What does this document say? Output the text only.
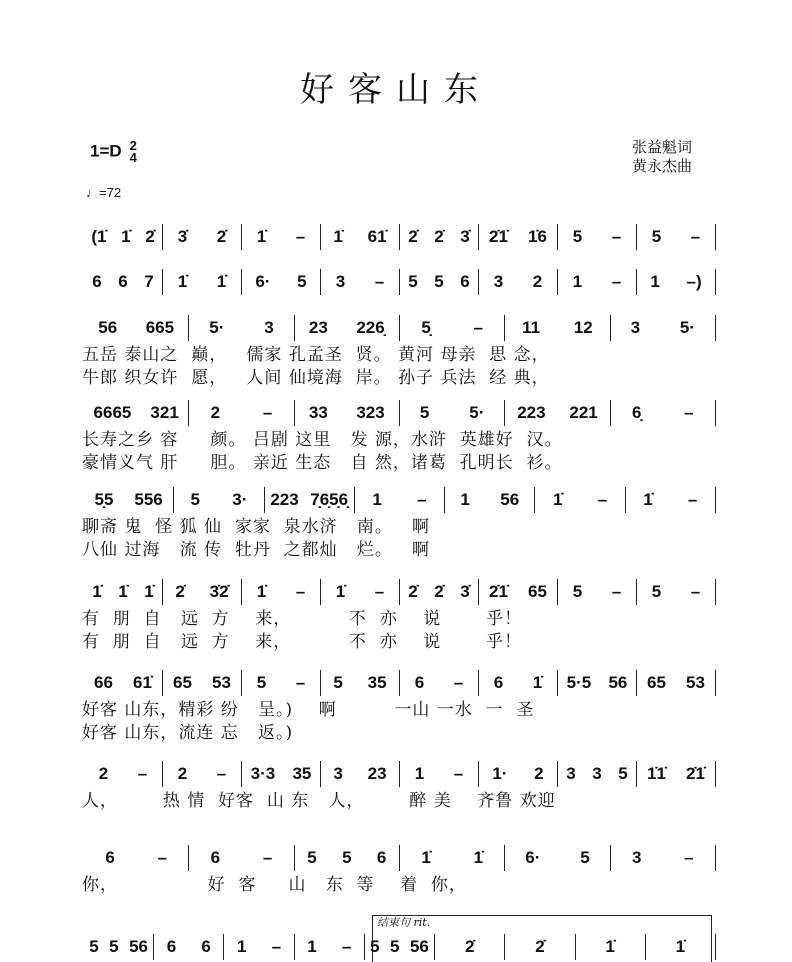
好客山东
1=D 2
4
张益魁词
黄永杰曲
♩=72
结束句 rit.
(1̇ 1̇ 2̇ 3̇ 2̇ 1̇ – 1̇ 61̇ 2̇ 2̇ 3̇ 2̇1̇ 1̇6 5 – 5 –
6 6 7 1̇ 1̇ 6· 5 3 – 5 5 6 3 2 1 – 1 –)
56 665 5· 3 23 226̣ 5̣	– 11 12 3 5·
五岳 泰山之  巅，   儒家 孔孟圣  贤。 黄河 母亲  思 念，
牛郎 织女许  愿，   人间 仙境海  岸。 孙子 兵法  经 典，
6665 321 2	– 33 323 5 5· 223 221 6̣	–
长寿之乡 容     颜。 吕剧 这里   发 源，水浒  英雄好  汉。
豪情义气 肝     胆。 亲近 生态   自 然，诸葛  孔明长  衫。
5̣5 556 5 3· 223 7̣6̣5̣6̣ 1 – 1 56 1̇ – 1̇ –
聊斋 鬼  怪 狐 仙  家家  泉水济   南。   啊
八仙 过海   流 传  牡丹  之都灿   烂。   啊
1̇ 1̇ 1̇ 2̇ 3̇2̇ 1̇ – 1̇ – 2̇ 2̇ 3̇ 2̇1̇ 65 5 – 5 –
有  朋  自   远  方    来，         不  亦    说       乎！
有  朋  自   远  方    来，         不  亦    说       乎！
66 61̇ 65 53 5 – 5 35 6 – 6 1̇ 5·5 56 65 53
好客 山东，精彩 纷   呈。)    啊         一山 一水  一  圣
好客 山东，流连 忘   返。)
2 – 2 – 3·3 35 3 23 1 – 1· 2 3 3 5 1̇1̇ 2̇1̇
人，       热 情  好客  山 东   人，       醉 美    齐鲁 欢迎
6	–	6	– 5 5 6 1̇	1̇ 6· 5 3	–
你，              好  客     山   东  等    着  你，
5 5 56 6 6 1 – 1 – 5 5 56 2̇	2̇	1̇	1̇
